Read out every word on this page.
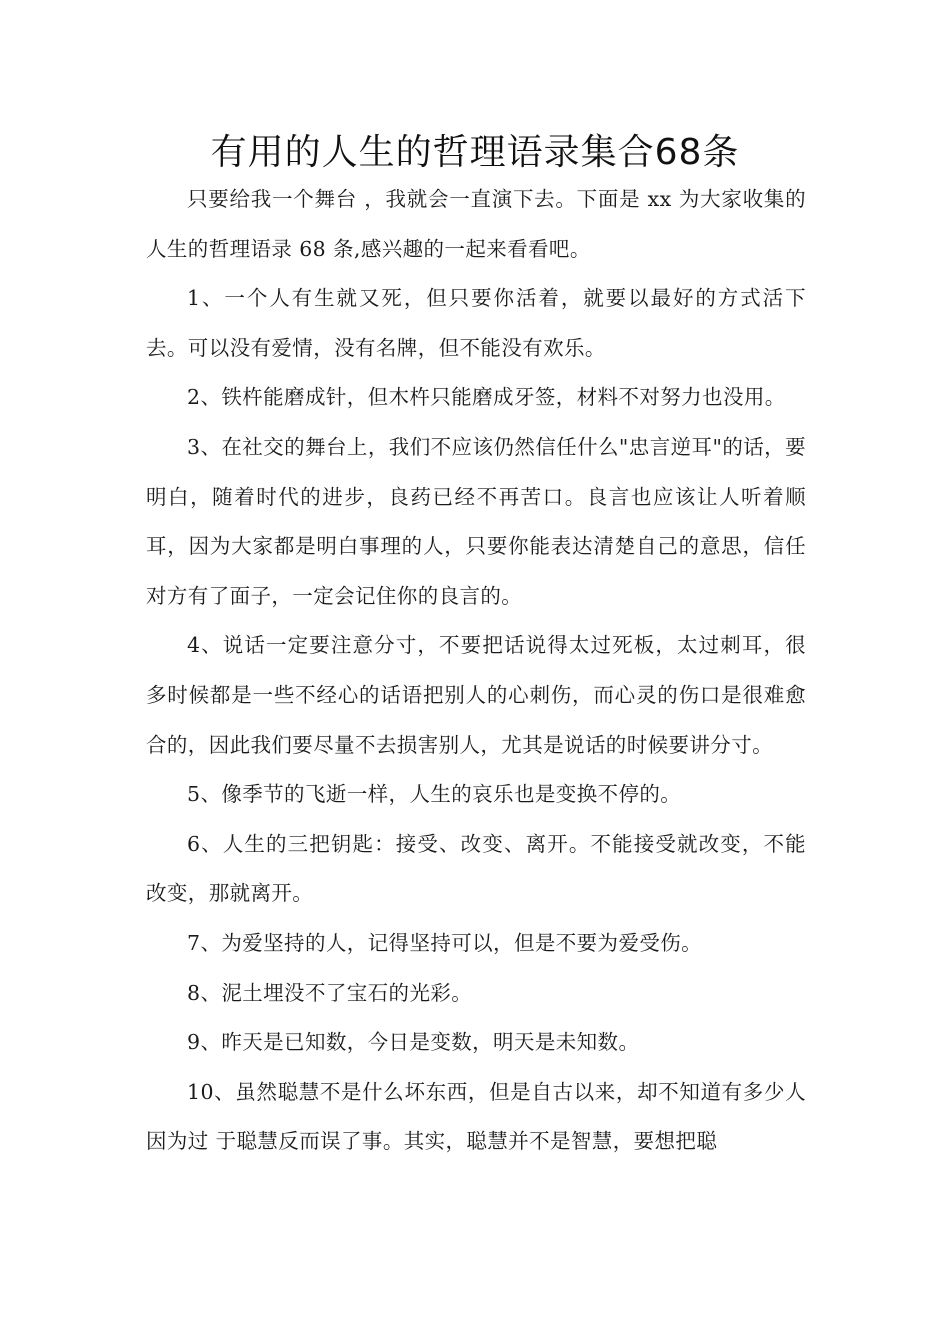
有用的人生的哲理语录集合68条

只要给我一个舞台 ，我就会一直演下去。下面是 xx 为大家收集的人生的哲理语录 68 条,感兴趣的一起来看看吧。

1、一个人有生就又死，但只要你活着，就要以最好的方式活下去。可以没有爱情，没有名牌，但不能没有欢乐。

2、铁杵能磨成针，但木杵只能磨成牙签，材料不对努力也没用。

3、在社交的舞台上，我们不应该仍然信任什么"忠言逆耳"的话，要明白，随着时代的进步，良药已经不再苦口。良言也应该让人听着顺耳，因为大家都是明白事理的人，只要你能表达清楚自己的意思，信任对方有了面子，一定会记住你的良言的。

4、说话一定要注意分寸，不要把话说得太过死板，太过刺耳，很多时候都是一些不经心的话语把别人的心刺伤，而心灵的伤口是很难愈合的，因此我们要尽量不去损害别人，尤其是说话的时候要讲分寸。

5、像季节的飞逝一样，人生的哀乐也是变换不停的。

6、人生的三把钥匙：接受、改变、离开。不能接受就改变，不能改变，那就离开。

7、为爱坚持的人，记得坚持可以，但是不要为爱受伤。

8、泥土埋没不了宝石的光彩。

9、昨天是已知数，今日是变数，明天是未知数。

10、虽然聪慧不是什么坏东西，但是自古以来，却不知道有多少人因为过 于聪慧反而误了事。其实，聪慧并不是智慧，要想把聪
